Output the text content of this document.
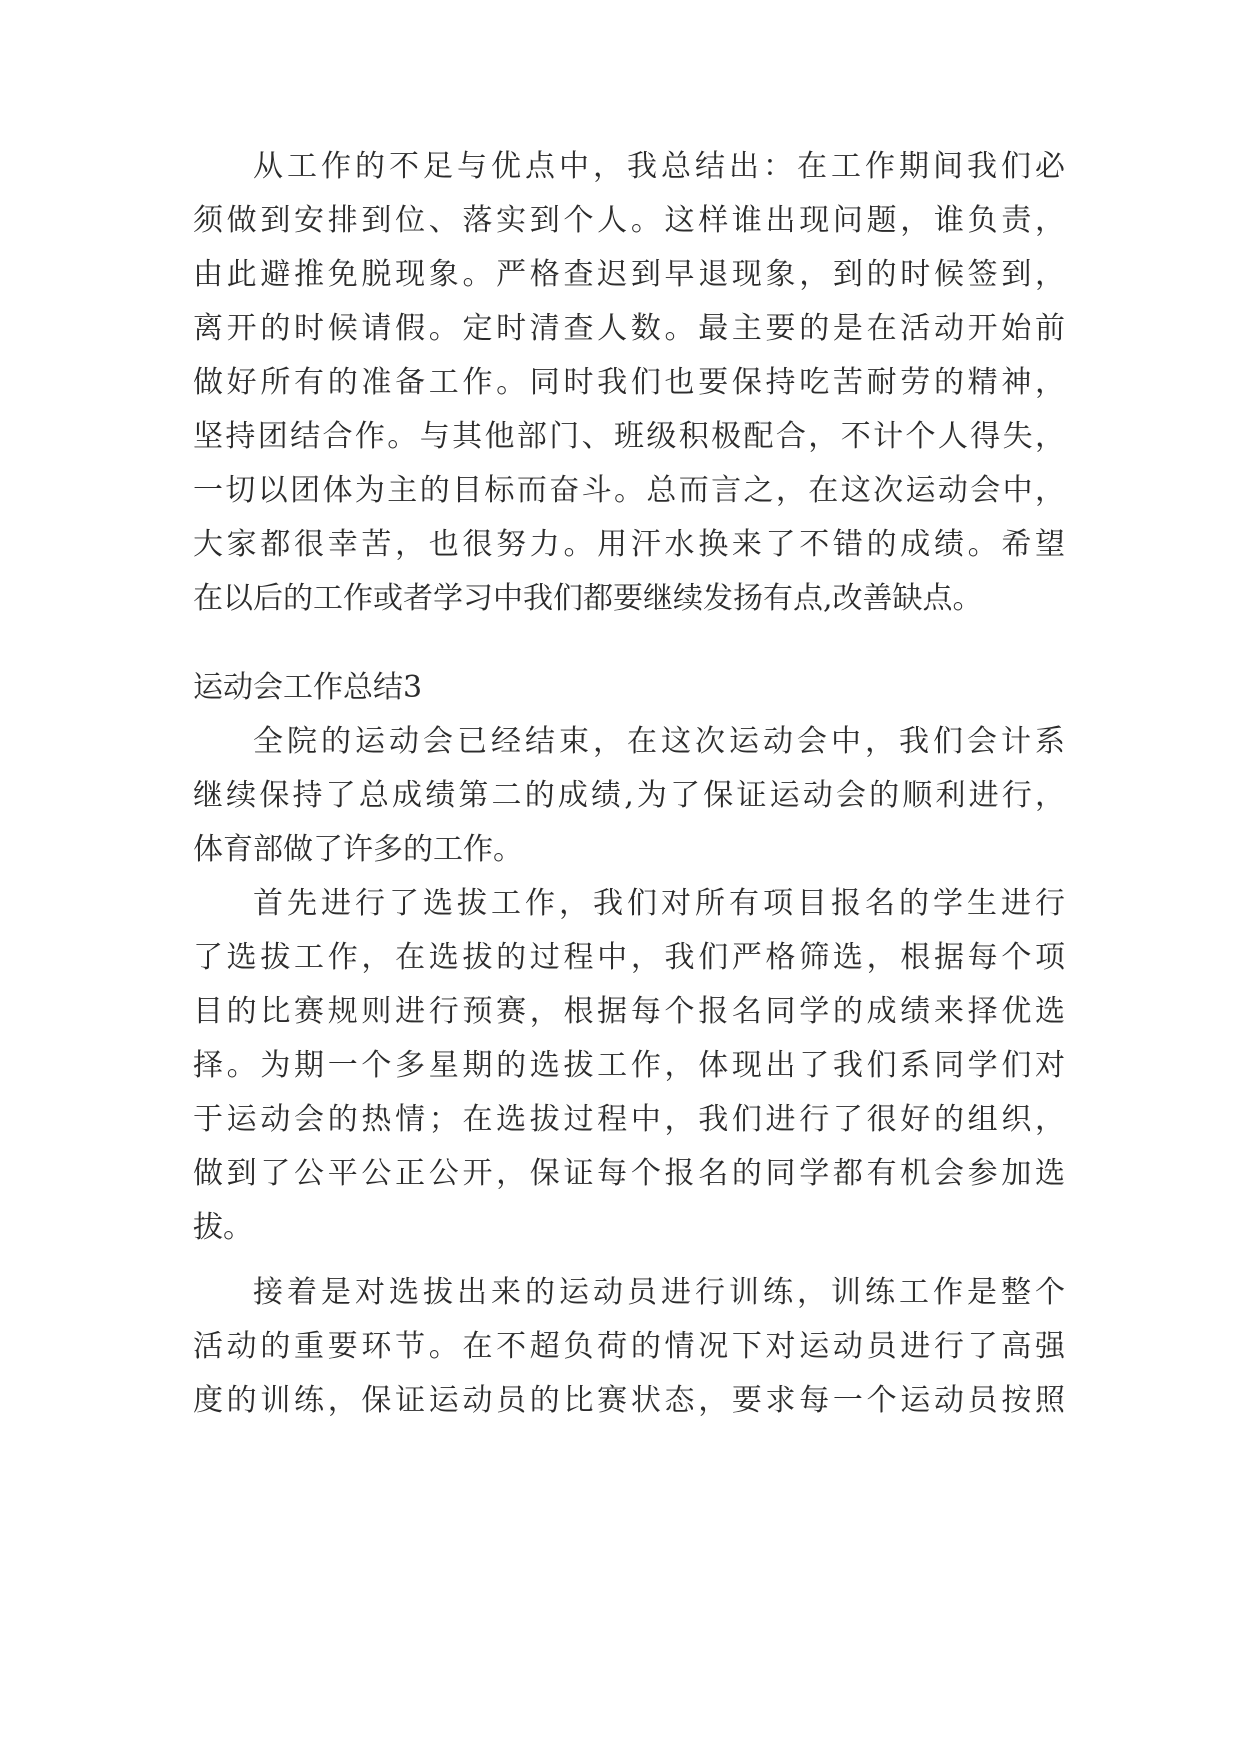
从工作的不足与优点中，我总结出：在工作期间我们必
须做到安排到位、落实到个人。这样谁出现问题，谁负责，
由此避推免脱现象。严格查迟到早退现象，到的时候签到，
离开的时候请假。定时清查人数。最主要的是在活动开始前
做好所有的准备工作。同时我们也要保持吃苦耐劳的精神，
坚持团结合作。与其他部门、班级积极配合，不计个人得失，
一切以团体为主的目标而奋斗。总而言之，在这次运动会中，
大家都很幸苦，也很努力。用汗水换来了不错的成绩。希望
在以后的工作或者学习中我们都要继续发扬有点,改善缺点。
运动会工作总结3
全院的运动会已经结束，在这次运动会中，我们会计系
继续保持了总成绩第二的成绩,为了保证运动会的顺利进行，
体育部做了许多的工作。
首先进行了选拔工作，我们对所有项目报名的学生进行
了选拔工作，在选拔的过程中，我们严格筛选，根据每个项
目的比赛规则进行预赛，根据每个报名同学的成绩来择优选
择。为期一个多星期的选拔工作，体现出了我们系同学们对
于运动会的热情；在选拔过程中，我们进行了很好的组织，
做到了公平公正公开，保证每个报名的同学都有机会参加选
拔。
接着是对选拔出来的运动员进行训练，训练工作是整个
活动的重要环节。在不超负荷的情况下对运动员进行了高强
度的训练，保证运动员的比赛状态，要求每一个运动员按照
